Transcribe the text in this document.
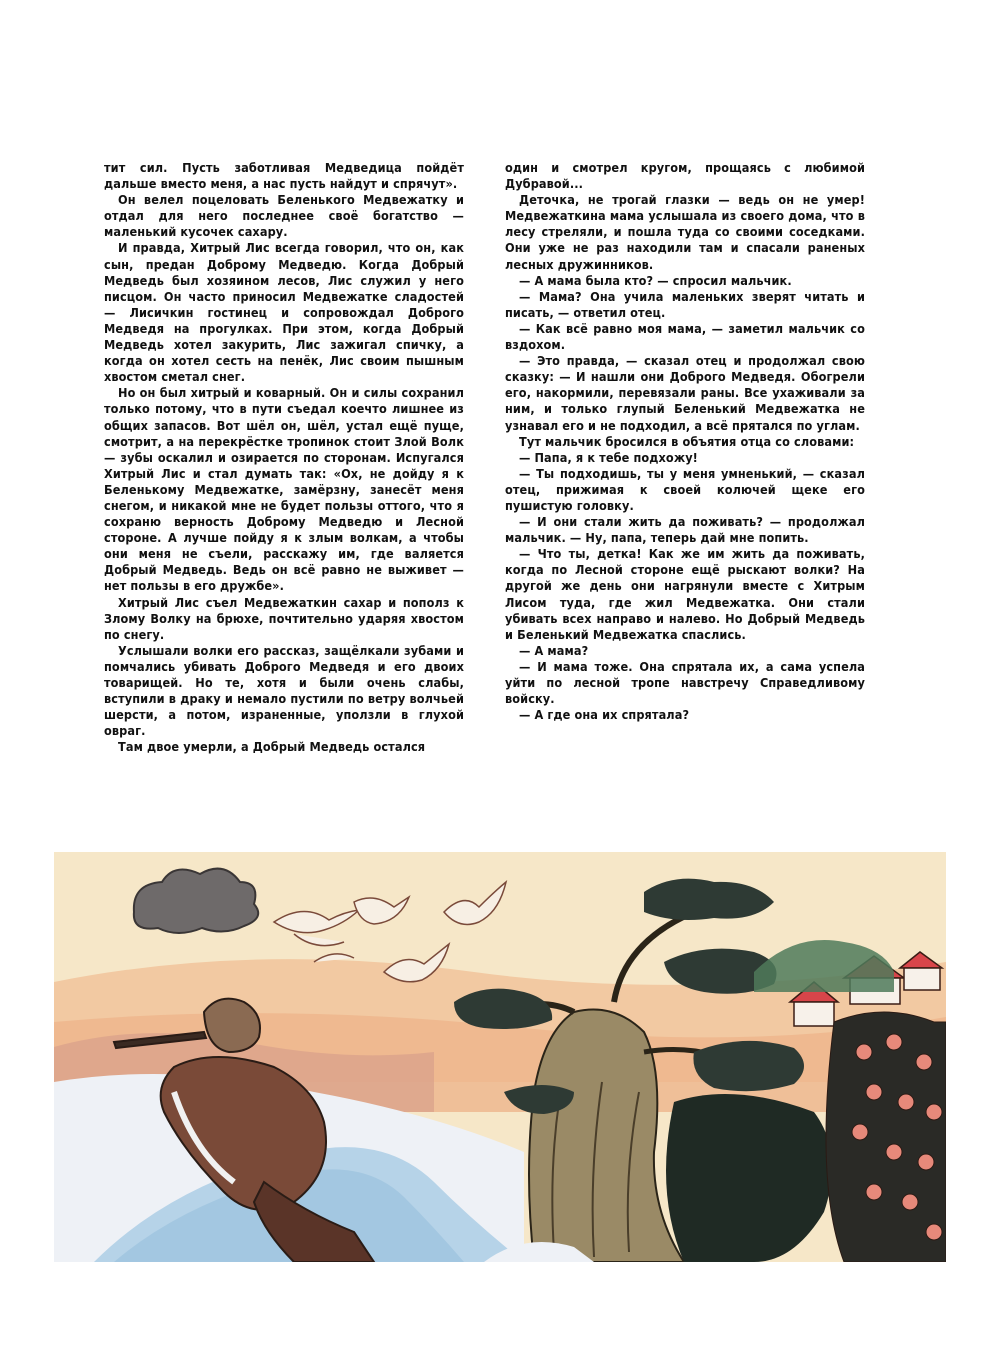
тит сил. Пусть заботливая Медведица пойдёт дальше вместо меня, а нас пусть найдут и спрячут».

Он велел поцеловать Беленького Медвежатку и отдал для него последнее своё богатство — маленький кусочек сахару.

И правда, Хитрый Лис всегда говорил, что он, как сын, предан Доброму Медведю. Когда Добрый Медведь был хозяином лесов, Лис служил у него писцом. Он часто приносил Медвежатке сладостей — Лисичкин гостинец и сопровождал Доброго Медведя на прогулках. При этом, когда Добрый Медведь хотел закурить, Лис зажигал спичку, а когда он хотел сесть на пенёк, Лис своим пышным хвостом сметал снег.

Но он был хитрый и коварный. Он и силы сохранил только потому, что в пути съедал коечто лишнее из общих запасов. Вот шёл он, шёл, устал ещё пуще, смотрит, а на перекрёстке тропинок стоит Злой Волк — зубы оскалил и озирается по сторонам. Испугался Хитрый Лис и стал думать так: «Ох, не дойду я к Беленькому Медвежатке, замёрзну, занесёт меня снегом, и никакой мне не будет пользы оттого, что я сохраню верность Доброму Медведю и Лесной стороне. А лучше пойду я к злым волкам, а чтобы они меня не съели, расскажу им, где валяется Добрый Медведь. Ведь он всё равно не выживет — нет пользы в его дружбе».

Хитрый Лис съел Медвежаткин сахар и пополз к Злому Волку на брюхе, почтительно ударяя хвостом по снегу.

Услышали волки его рассказ, защёлкали зубами и помчались убивать Доброго Медведя и его двоих товарищей. Но те, хотя и были очень слабы, вступили в драку и немало пустили по ветру волчьей шерсти, а потом, израненные, уползли в глухой овраг.

Там двое умерли, а Добрый Медведь остался

один и смотрел кругом, прощаясь с любимой Дубравой...

Деточка, не трогай глазки — ведь он не умер! Медвежаткина мама услышала из своего дома, что в лесу стреляли, и пошла туда со своими соседками. Они уже не раз находили там и спасали раненых лесных дружинников.

— А мама была кто? — спросил мальчик.

— Мама? Она учила маленьких зверят читать и писать, — ответил отец.

— Как всё равно моя мама, — заметил мальчик со вздохом.

— Это правда, — сказал отец и продолжал свою сказку: — И нашли они Доброго Медведя. Обогрели его, накормили, перевязали раны. Все ухаживали за ним, и только глупый Беленький Медвежатка не узнавал его и не подходил, а всё прятался по углам.

Тут мальчик бросился в объятия отца со словами:

— Папа, я к тебе подхожу!

— Ты подходишь, ты у меня умненький, — сказал отец, прижимая к своей колючей щеке его пушистую головку.

— И они стали жить да поживать? — продолжал мальчик. — Ну, папа, теперь дай мне попить.

— Что ты, детка! Как же им жить да поживать, когда по Лесной стороне ещё рыскают волки? На другой же день они нагрянули вместе с Хитрым Лисом туда, где жил Медвежатка. Они стали убивать всех направо и налево. Но Добрый Медведь и Беленький Медвежатка спаслись.

— А мама?

— И мама тоже. Она спрятала их, а сама успела уйти по лесной тропе навстречу Справедливому войску.

— А где она их спрятала?
